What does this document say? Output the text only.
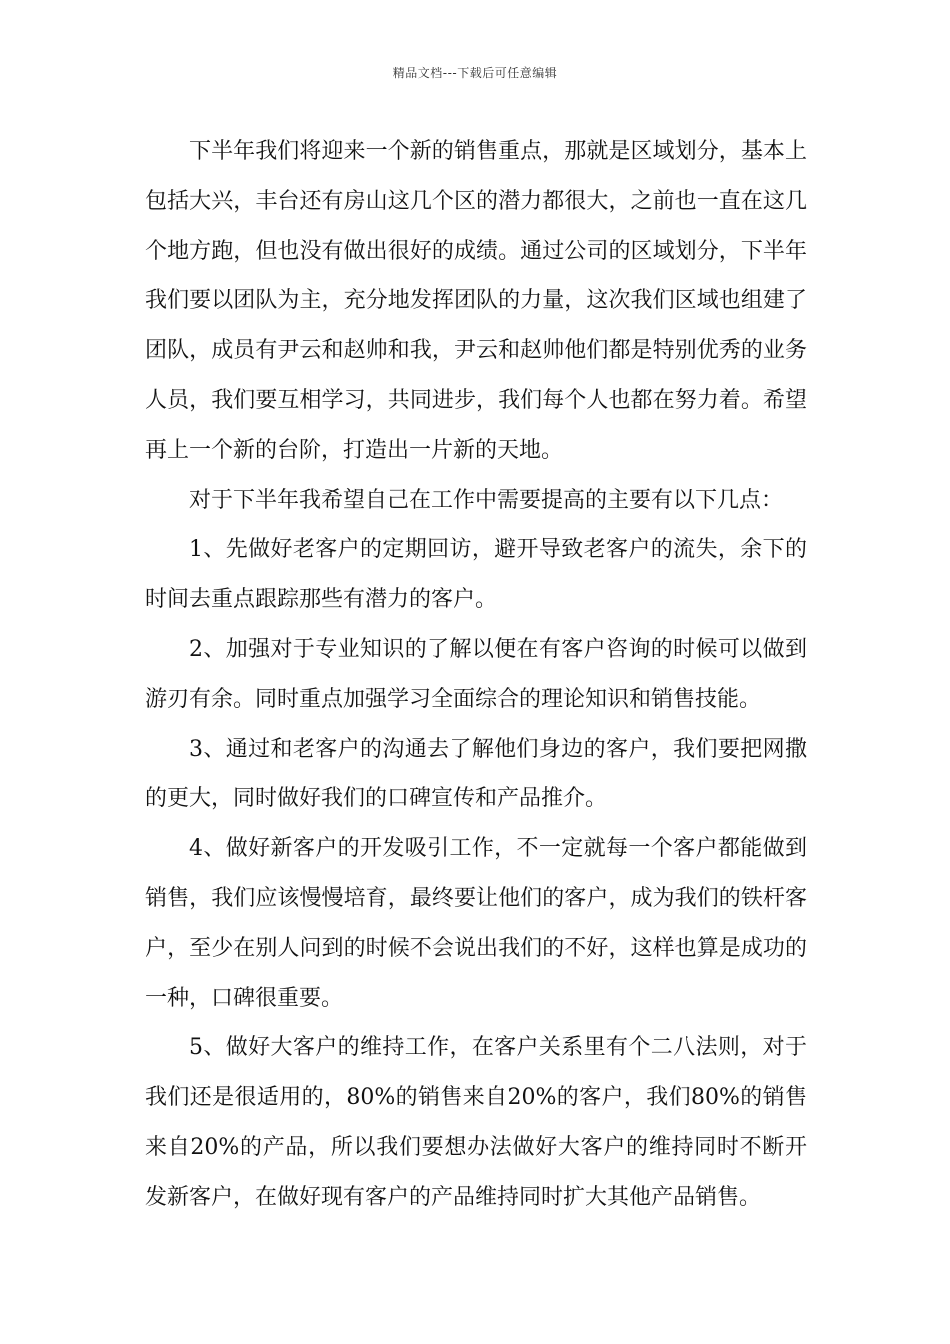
精品文档---下载后可任意编辑

下半年我们将迎来一个新的销售重点，那就是区域划分，基本上包括大兴，丰台还有房山这几个区的潜力都很大，之前也一直在这几个地方跑，但也没有做出很好的成绩。通过公司的区域划分，下半年我们要以团队为主，充分地发挥团队的力量，这次我们区域也组建了团队，成员有尹云和赵帅和我，尹云和赵帅他们都是特别优秀的业务人员，我们要互相学习，共同进步，我们每个人也都在努力着。希望再上一个新的台阶，打造出一片新的天地。

对于下半年我希望自己在工作中需要提高的主要有以下几点：

1、先做好老客户的定期回访，避开导致老客户的流失，余下的时间去重点跟踪那些有潜力的客户。

2、加强对于专业知识的了解以便在有客户咨询的时候可以做到游刃有余。同时重点加强学习全面综合的理论知识和销售技能。

3、通过和老客户的沟通去了解他们身边的客户，我们要把网撒的更大，同时做好我们的口碑宣传和产品推介。

4、做好新客户的开发吸引工作，不一定就每一个客户都能做到销售，我们应该慢慢培育，最终要让他们的客户，成为我们的铁杆客户，至少在别人问到的时候不会说出我们的不好，这样也算是成功的一种，口碑很重要。

5、做好大客户的维持工作，在客户关系里有个二八法则，对于我们还是很适用的，80%的销售来自20%的客户，我们80%的销售来自20%的产品，所以我们要想办法做好大客户的维持同时不断开发新客户，在做好现有客户的产品维持同时扩大其他产品销售。
